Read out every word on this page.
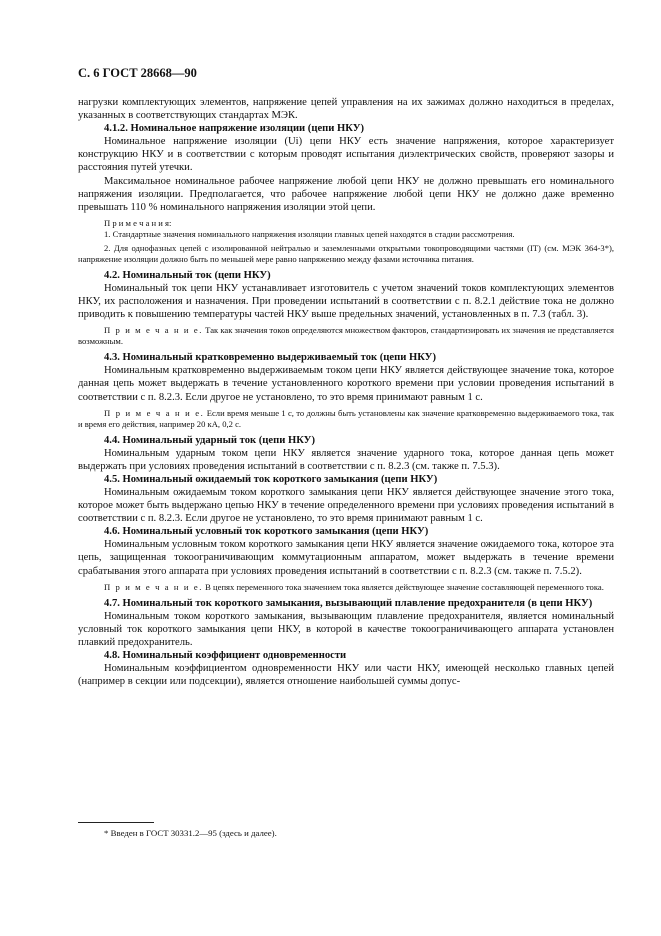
С. 6 ГОСТ 28668—90

нагрузки комплектующих элементов, напряжение цепей управления на их зажимах должно находиться в пределах, указанных в соответствующих стандартах МЭК.

4.1.2. Номинальное напряжение изоляции (цепи НКУ)

Номинальное напряжение изоляции (Ui) цепи НКУ есть значение напряжения, которое характеризует конструкцию НКУ и в соответствии с которым проводят испытания диэлектрических свойств, проверяют зазоры и расстояния путей утечки.

Максимальное номинальное рабочее напряжение любой цепи НКУ не должно превышать его номинального напряжения изоляции. Предполагается, что рабочее напряжение любой цепи НКУ не должно даже временно превышать 110 % номинального напряжения изоляции этой цепи.

П р и м е ч а н и я:

1. Стандартные значения номинального напряжения изоляции главных цепей находятся в стадии рассмотрения.

2. Для однофазных цепей с изолированной нейтралью и заземленными открытыми токопроводящими частями (IT) (см. МЭК 364-3*), напряжение изоляции должно быть по меньшей мере равно напряжению между фазами источника питания.

4.2. Номинальный ток (цепи НКУ)

Номинальный ток цепи НКУ устанавливает изготовитель с учетом значений токов комплектующих элементов НКУ, их расположения и назначения. При проведении испытаний в соответствии с п. 8.2.1 действие тока не должно приводить к повышению температуры частей НКУ выше предельных значений, установленных в п. 7.3 (табл. 3).

П р и м е ч а н и е. Так как значения токов определяются множеством факторов, стандартизировать их значения не представляется возможным.

4.3. Номинальный кратковременно выдерживаемый ток (цепи НКУ)

Номинальным кратковременно выдерживаемым током цепи НКУ является действующее значение тока, которое данная цепь может выдержать в течение установленного короткого времени при условии проведения испытаний в соответствии с п. 8.2.3. Если другое не установлено, то это время принимают равным 1 с.

П р и м е ч а н и е. Если время меньше 1 с, то должны быть установлены как значение кратковременно выдерживаемого тока, так и время его действия, например 20 кА, 0,2 с.

4.4. Номинальный ударный ток (цепи НКУ)

Номинальным ударным током цепи НКУ является значение ударного тока, которое данная цепь может выдержать при условиях проведения испытаний в соответствии с п. 8.2.3 (см. также п. 7.5.3).

4.5. Номинальный ожидаемый ток короткого замыкания (цепи НКУ)

Номинальным ожидаемым током короткого замыкания цепи НКУ является действующее значение этого тока, которое может быть выдержано цепью НКУ в течение определенного времени при условиях проведения испытаний в соответствии с п. 8.2.3. Если другое не установлено, то это время принимают равным 1 с.

4.6. Номинальный условный ток короткого замыкания (цепи НКУ)

Номинальным условным током короткого замыкания цепи НКУ является значение ожидаемого тока, которое эта цепь, защищенная токоограничивающим коммутационным аппаратом, может выдержать в течение времени срабатывания этого аппарата при условиях проведения испытаний в соответствии с п. 8.2.3 (см. также п. 7.5.2).

П р и м е ч а н и е. В цепях переменного тока значением тока является действующее значение составляющей переменного тока.

4.7. Номинальный ток короткого замыкания, вызывающий плавление предохранителя (в цепи НКУ)

Номинальным током короткого замыкания, вызывающим плавление предохранителя, является номинальный условный ток короткого замыкания цепи НКУ, в которой в качестве токоограничивающего аппарата установлен плавкий предохранитель.

4.8. Номинальный коэффициент одновременности

Номинальным коэффициентом одновременности НКУ или части НКУ, имеющей несколько главных цепей (например в секции или подсекции), является отношение наибольшей суммы допус-

* Введен в ГОСТ 30331.2—95 (здесь и далее).
